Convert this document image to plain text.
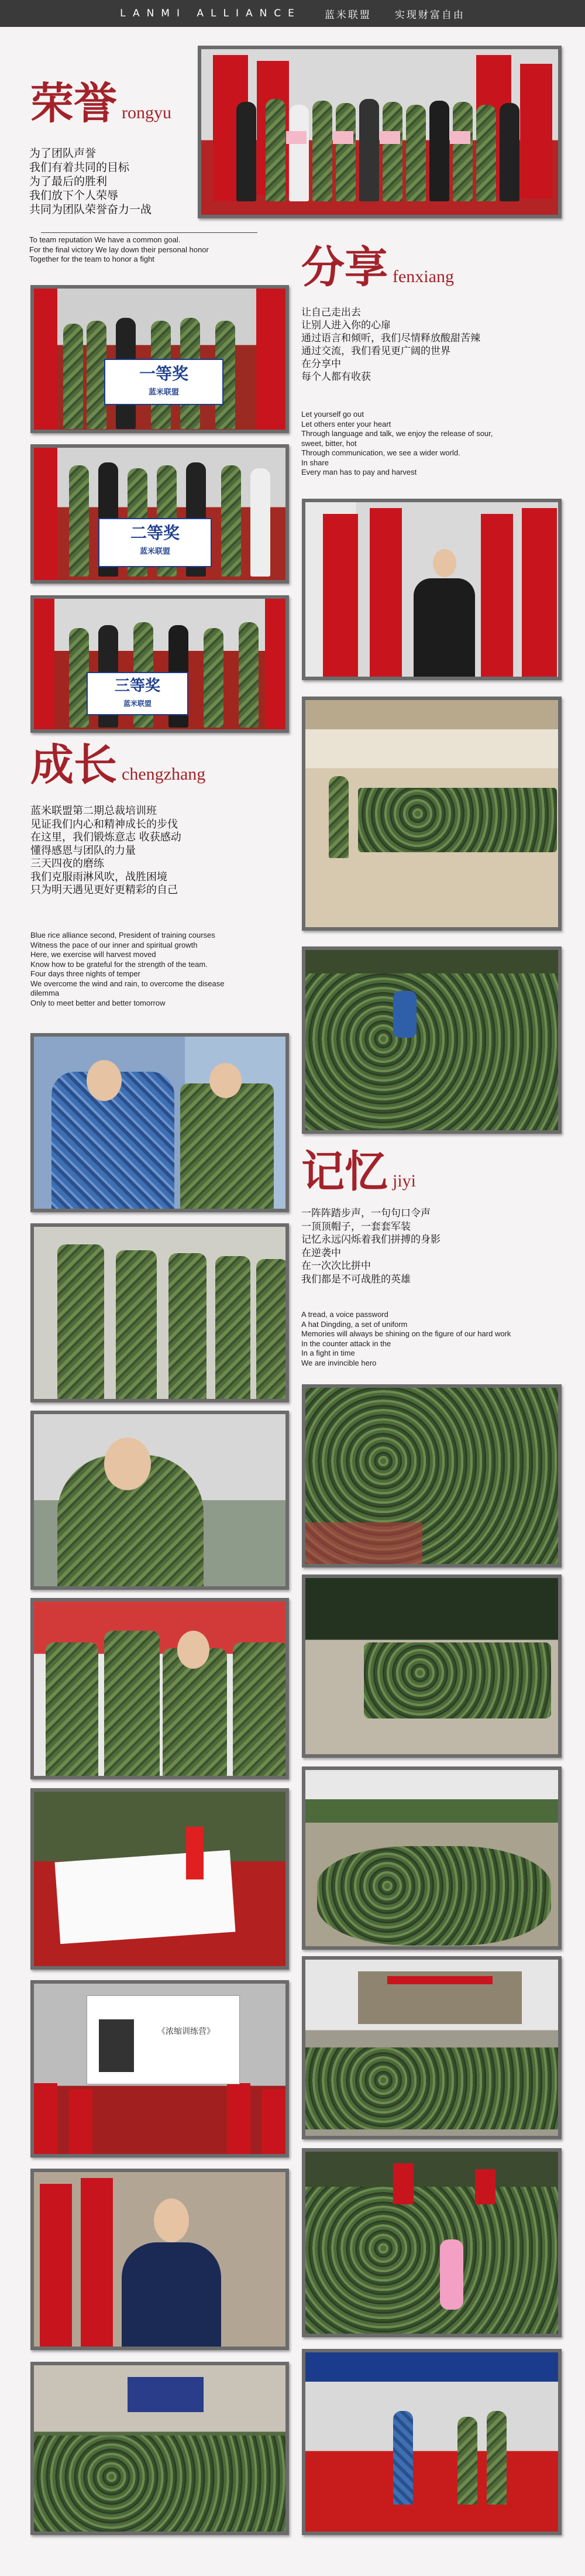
LANMI ALLIANCE 蓝米联盟 实现财富自由
荣誉 rongyu
为了团队声誉
我们有着共同的目标
为了最后的胜利
我们放下个人荣辱
共同为团队荣誉奋力一战
To team reputation We have a common goal.
For the final victory We lay down their personal honor
Together for the team to honor a fight	分享 fenxiang
让自己走出去
让别人进入你的心扉
通过语言和倾听，我们尽情释放酸甜苦辣
通过交流，我们看见更广阔的世界
在分享中
每个人都有收获
Let yourself go out
Let others enter your heart
Through language and talk, we enjoy the release of sour,
sweet, bitter, hot
Through communication, we see a wider world.
In share
Every man has to pay and harvest
一等奖
蓝米联盟
二等奖
蓝米联盟
三等奖
蓝米联盟
成长 chengzhang
蓝米联盟第二期总裁培训班
见证我们内心和精神成长的步伐
在这里，我们锻炼意志 收获感动
懂得感恩与团队的力量
三天四夜的磨练
我们克服雨淋风吹，战胜困境
只为明天遇见更好更精彩的自己
Blue rice alliance second, President of training courses
Witness the pace of our inner and spiritual growth
Here, we exercise will harvest moved
Know how to be grateful for the strength of the team.
Four days three nights of temper
We overcome the wind and rain, to overcome the disease
dilemma
Only to meet better and better tomorrow
记忆 jiyi
一阵阵踏步声，一句句口令声
一顶顶帽子，一套套军装
记忆永远闪烁着我们拼搏的身影
在逆袭中
在一次次比拼中
我们都是不可战胜的英雄
A tread, a voice password
A hat Dingding, a set of uniform
Memories will always be shining on the figure of our hard work
In the counter attack in the
In a fight in time
We are invincible hero
《浓缩训练营》
